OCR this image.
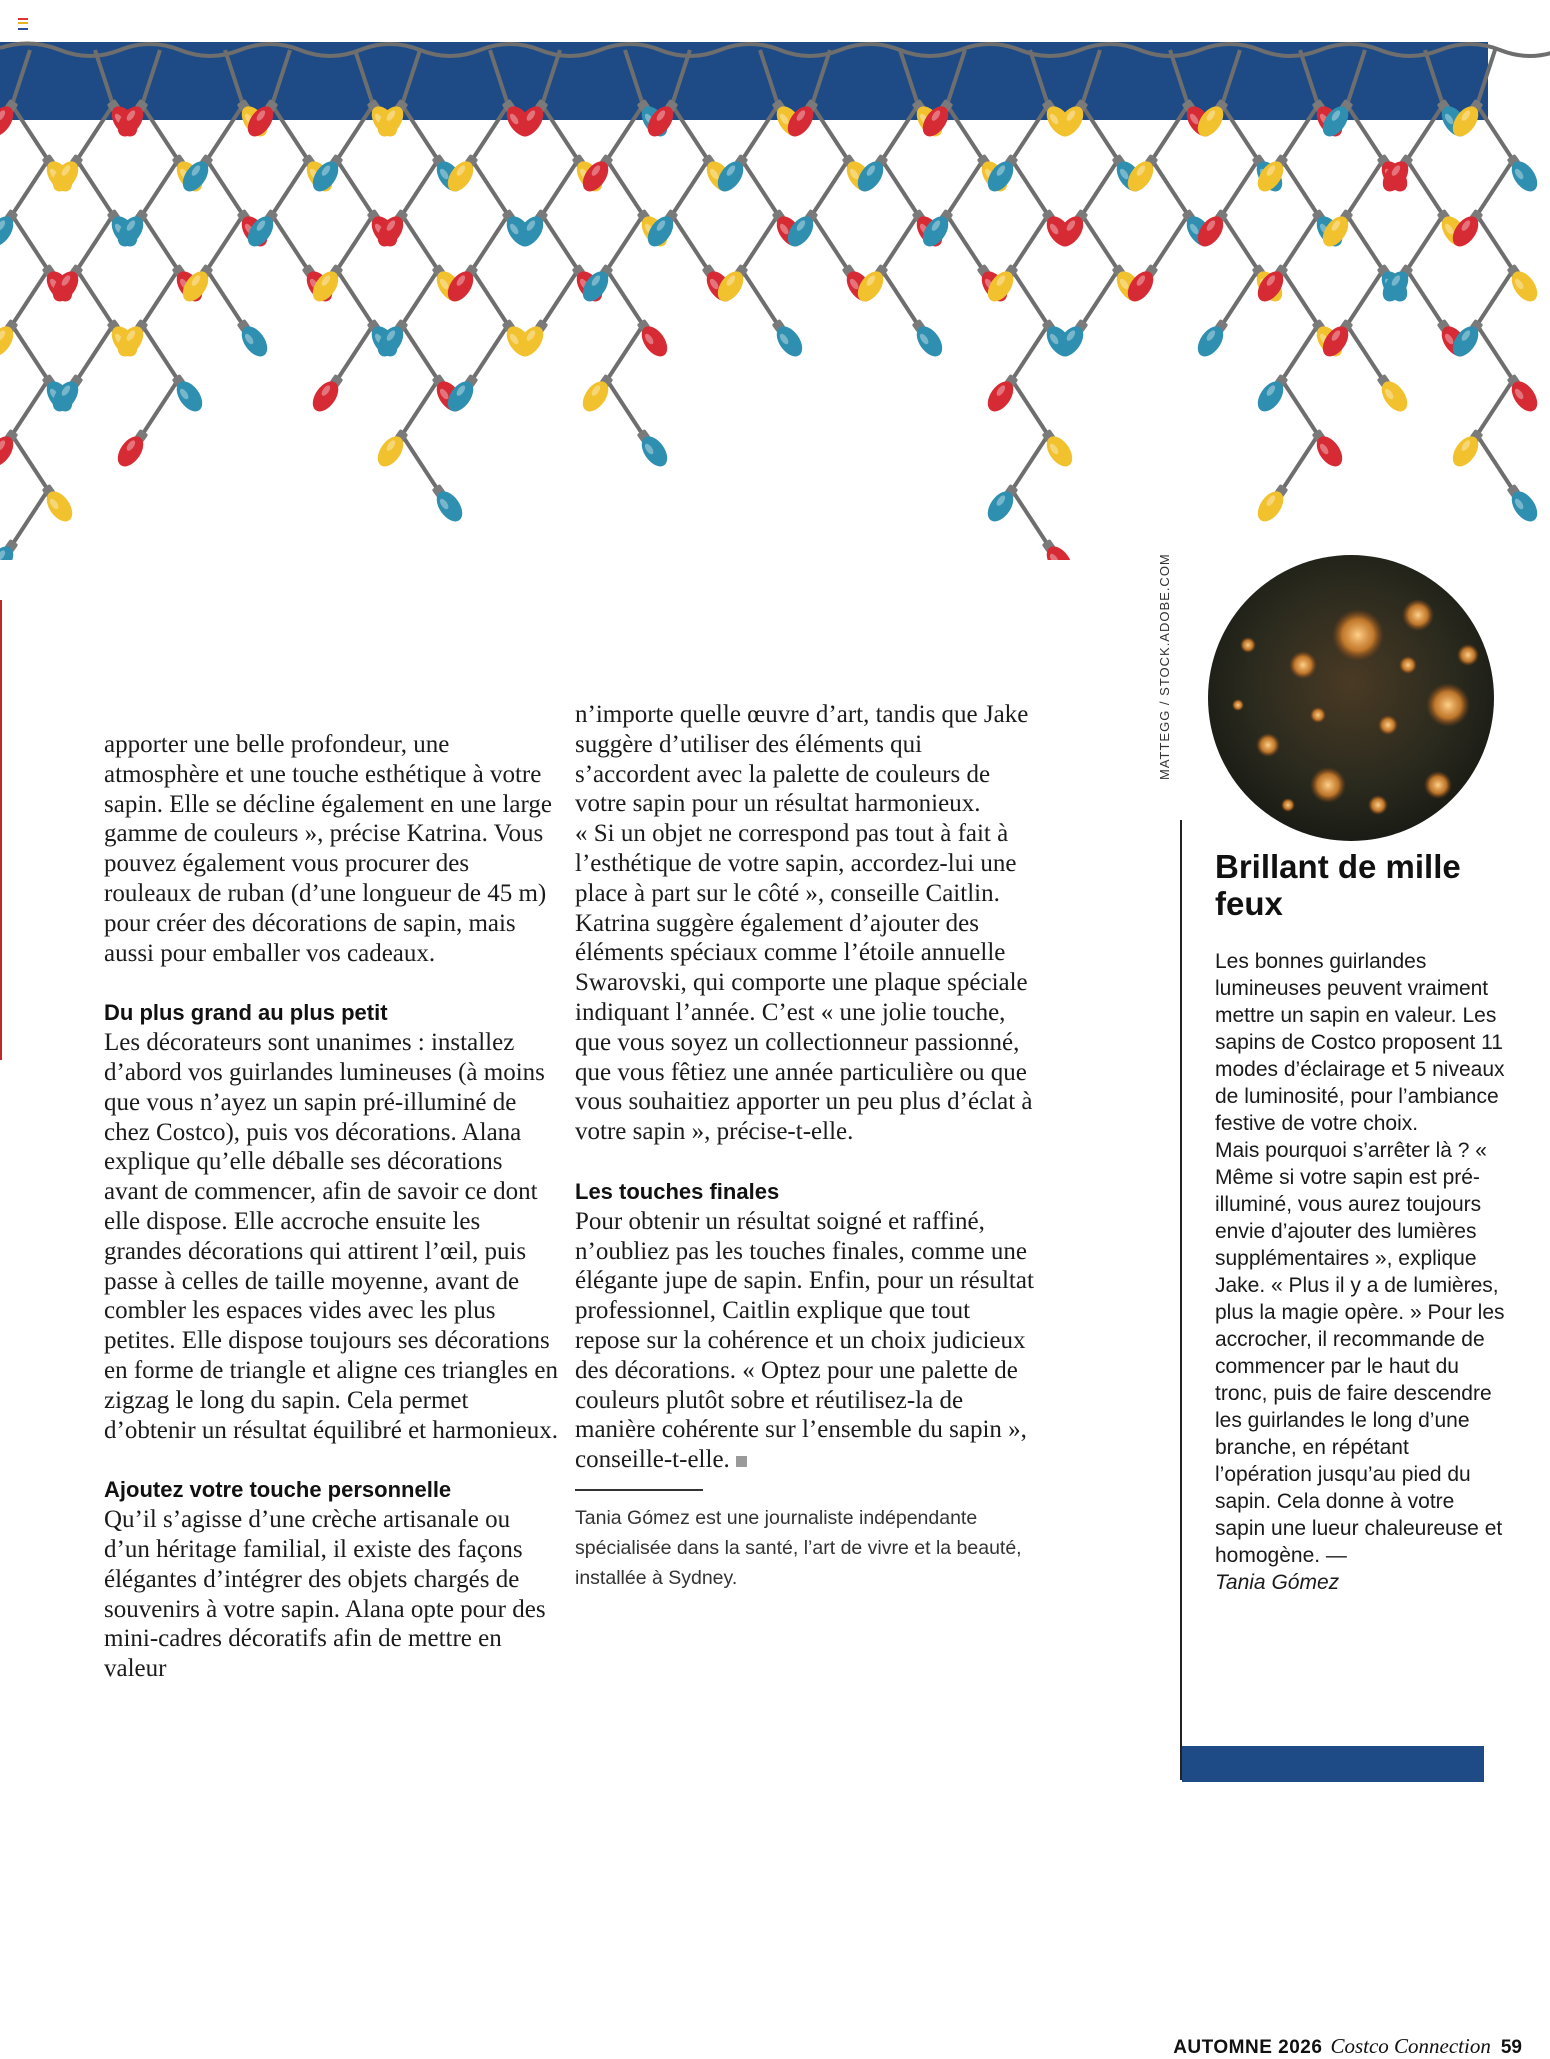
apporter une belle profondeur, une atmosphère et une touche esthétique à votre sapin. Elle se décline également en une large gamme de couleurs », précise Katrina. Vous pouvez également vous procurer des rouleaux de ruban (d’une longueur de 45 m) pour créer des décorations de sapin, mais aussi pour emballer vos cadeaux.

Du plus grand au plus petit

Les décorateurs sont unanimes : installez d’abord vos guirlandes lumineuses (à moins que vous n’ayez un sapin pré-illuminé de chez Costco), puis vos décorations. Alana explique qu’elle déballe ses décorations avant de commencer, afin de savoir ce dont elle dispose. Elle accroche ensuite les grandes décorations qui attirent l’œil, puis passe à celles de taille moyenne, avant de combler les espaces vides avec les plus petites. Elle dispose toujours ses décorations en forme de triangle et aligne ces triangles en zigzag le long du sapin. Cela permet d’obtenir un résultat équilibré et harmonieux.

Ajoutez votre touche personnelle

Qu’il s’agisse d’une crèche artisanale ou d’un héritage familial, il existe des façons élégantes d’intégrer des objets chargés de souvenirs à votre sapin. Alana opte pour des mini-cadres décoratifs afin de mettre en valeur

n’importe quelle œuvre d’art, tandis que Jake suggère d’utiliser des éléments qui s’accordent avec la palette de couleurs de votre sapin pour un résultat harmonieux.

« Si un objet ne correspond pas tout à fait à l’esthétique de votre sapin, accordez-lui une place à part sur le côté », conseille Caitlin.

Katrina suggère également d’ajouter des éléments spéciaux comme l’étoile annuelle Swarovski, qui comporte une plaque spéciale indiquant l’année. C’est « une jolie touche, que vous soyez un collectionneur passionné, que vous fêtiez une année particulière ou que vous souhaitiez apporter un peu plus d’éclat à votre sapin », précise-t-elle.

Les touches finales

Pour obtenir un résultat soigné et raffiné, n’oubliez pas les touches finales, comme une élégante jupe de sapin. Enfin, pour un résultat professionnel, Caitlin explique que tout repose sur la cohérence et un choix judicieux des décorations. « Optez pour une palette de couleurs plutôt sobre et réutilisez-la de manière cohérente sur l’ensemble du sapin », conseille-t-elle.

Tania Gómez est une journaliste indépendante spécialisée dans la santé, l’art de vivre et la beauté, installée à Sydney.
MATTEGG / STOCK.ADOBE.COM
Brillant de mille feux

Les bonnes guirlandes lumineuses peuvent vraiment mettre un sapin en valeur. Les sapins de Costco proposent 11 modes d’éclairage et 5 niveaux de luminosité, pour l’ambiance festive de votre choix.

Mais pourquoi s’arrêter là ? « Même si votre sapin est pré-illuminé, vous aurez toujours envie d’ajouter des lumières supplémentaires », explique Jake. « Plus il y a de lumières, plus la magie opère. » Pour les accrocher, il recommande de commencer par le haut du tronc, puis de faire descendre les guirlandes le long d’une branche, en répétant l’opération jusqu’au pied du sapin. Cela donne à votre sapin une lueur chaleureuse et homogène. —

Tania Gómez

AUTOMNE 2026 Costco Connection 59
